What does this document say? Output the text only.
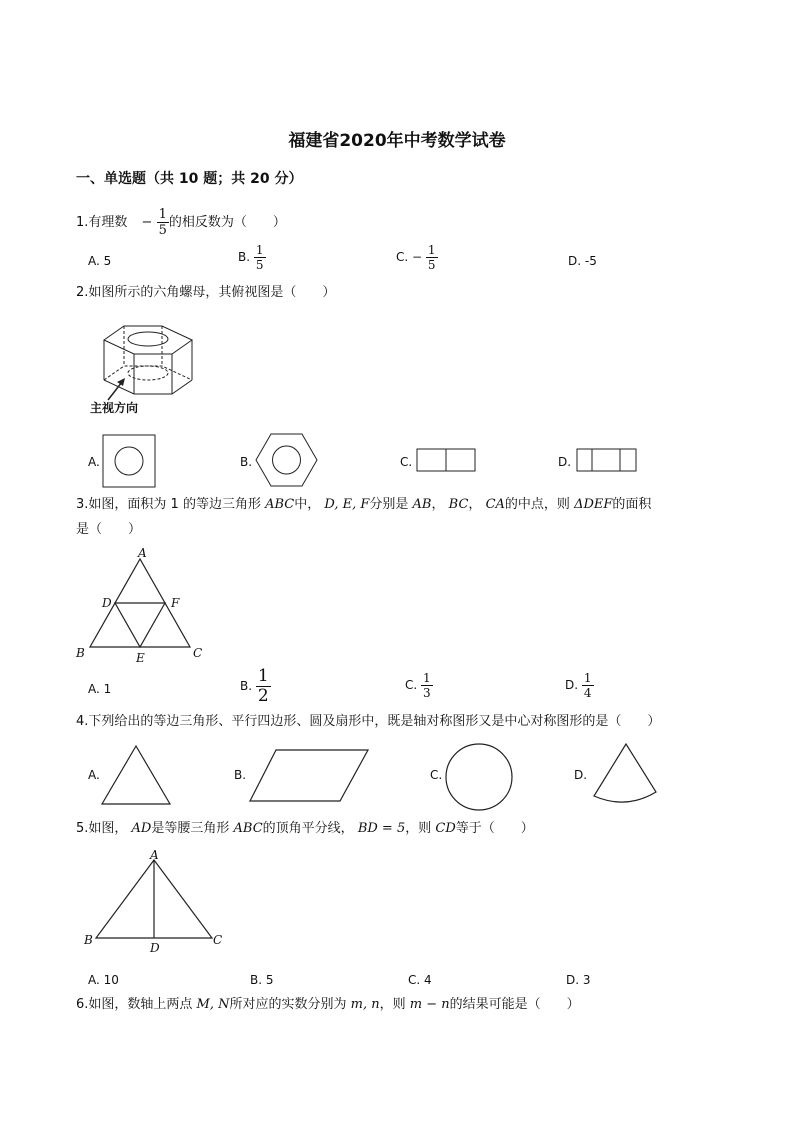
福建省2020年中考数学试卷
一、单选题（共 10 题；共 20 分）
1.有理数 − $\frac{1}{5}$ 的相反数为（　　）
A. 5	B. $\frac{1}{5}$	C. − $\frac{1}{5}$	D. -5
2.如图所示的六角螺母，其俯视图是（　　）
主视方向
A.	B.	C.	D.
3.如图，面积为 1 的等边三角形 ABC中， D, E, F分别是 AB， BC， CA的中点，则 ΔDEF的面积
是（　　）
A
D	F
B	E	C
A. 1	B. $\frac{1}{2}$	C. $\frac{1}{3}$	D. $\frac{1}{4}$
4.下列给出的等边三角形、平行四边形、圆及扇形中，既是轴对称图形又是中心对称图形的是（　　）
A.	B.	C.	D.
5.如图， AD是等腰三角形 ABC的顶角平分线， BD = 5，则 CD等于（　　）
A
B
D
C
A. 10	B. 5	C. 4	D. 3
6.如图，数轴上两点 M, N所对应的实数分别为 m, n，则 m − n的结果可能是（　　）
